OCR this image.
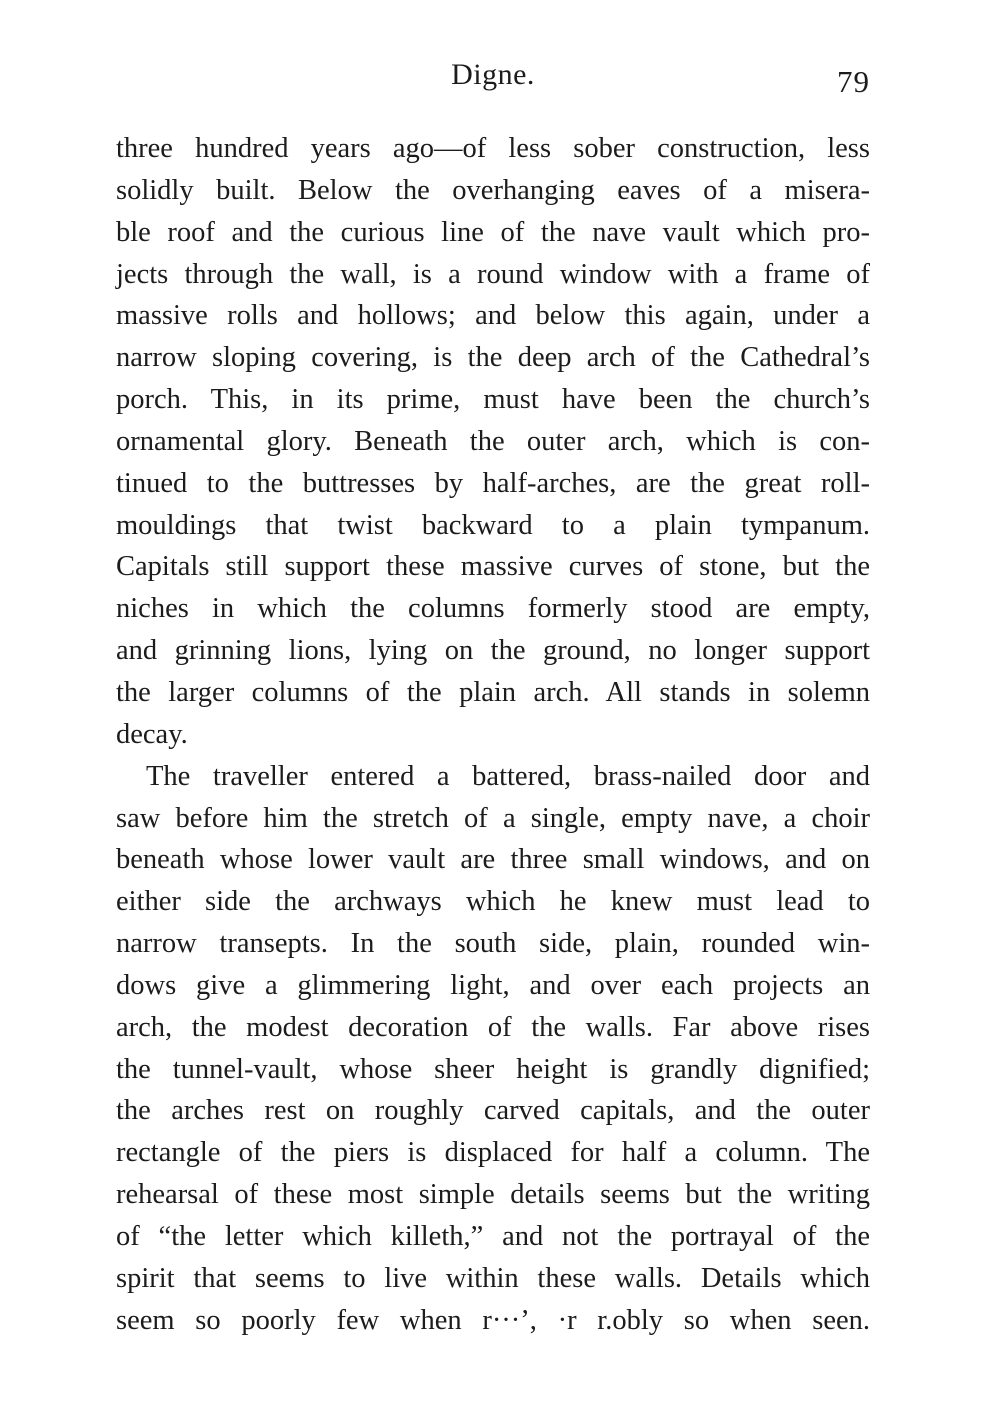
Digne.	79
three hundred years ago—of less sober construction, less
solidly built. Below the overhanging eaves of a misera-
ble roof and the curious line of the nave vault which pro-
jects through the wall, is a round window with a frame of
massive rolls and hollows; and below this again, under a
narrow sloping covering, is the deep arch of the Cathedral’s
porch. This, in its prime, must have been the church’s
ornamental glory. Beneath the outer arch, which is con-
tinued to the buttresses by half-arches, are the great roll-
mouldings that twist backward to a plain tympanum.
Capitals still support these massive curves of stone, but the
niches in which the columns formerly stood are empty,
and grinning lions, lying on the ground, no longer support
the larger columns of the plain arch. All stands in solemn
decay.
The traveller entered a battered, brass-nailed door and
saw before him the stretch of a single, empty nave, a choir
beneath whose lower vault are three small windows, and on
either side the archways which he knew must lead to
narrow transepts. In the south side, plain, rounded win-
dows give a glimmering light, and over each projects an
arch, the modest decoration of the walls. Far above rises
the tunnel-vault, whose sheer height is grandly dignified;
the arches rest on roughly carved capitals, and the outer
rectangle of the piers is displaced for half a column. The
rehearsal of these most simple details seems but the writing
of “the letter which killeth,” and not the portrayal of the
spirit that seems to live within these walls. Details which
seem so poorly few when r···ʼ, ·r r.obly so when seen.
